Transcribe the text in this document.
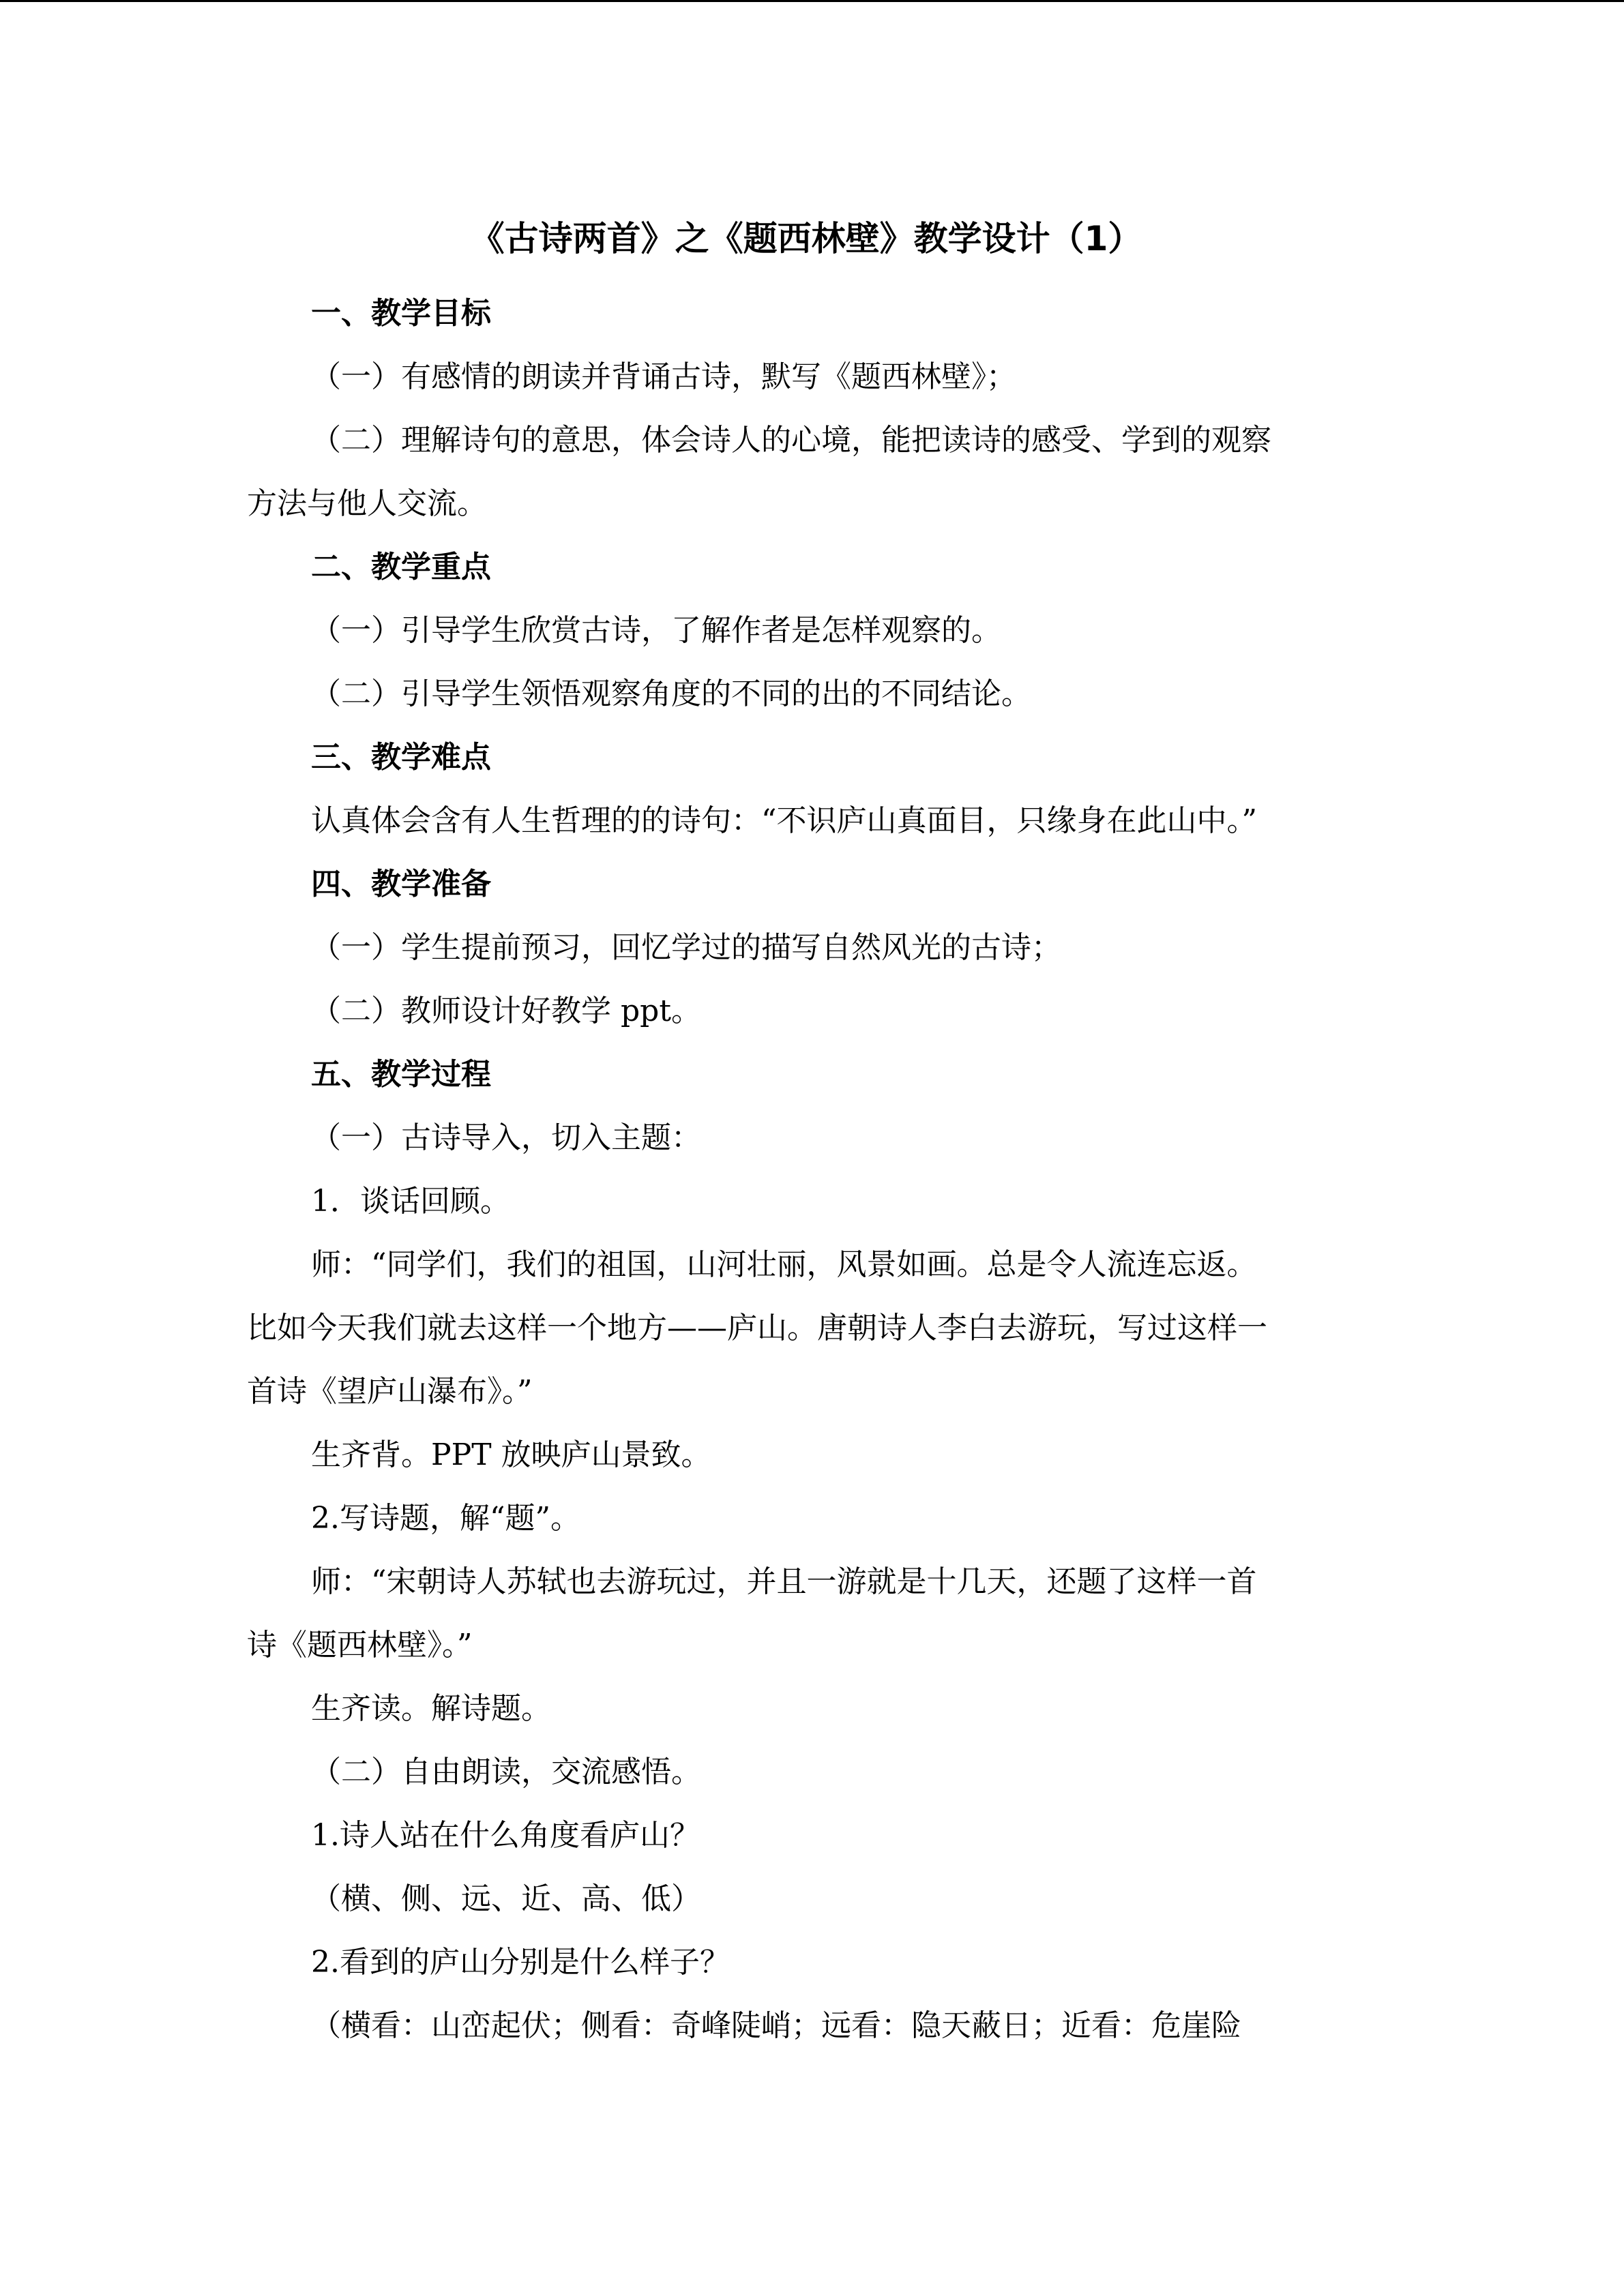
《古诗两首》之《题西林壁》教学设计（1）
一、教学目标
（一）有感情的朗读并背诵古诗，默写《题西林壁》；
（二）理解诗句的意思，体会诗人的心境，能把读诗的感受、学到的观察
方法与他人交流。
二、教学重点
（一）引导学生欣赏古诗，了解作者是怎样观察的。
（二）引导学生领悟观察角度的不同的出的不同结论。
三、教学难点
认真体会含有人生哲理的的诗句：“不识庐山真面目，只缘身在此山中。”
四、教学准备
（一）学生提前预习，回忆学过的描写自然风光的古诗；
（二）教师设计好教学 ppt。
五、教学过程
（一）古诗导入，切入主题：
1．谈话回顾。
师：“同学们，我们的祖国，山河壮丽，风景如画。总是令人流连忘返。
比如今天我们就去这样一个地方——庐山。唐朝诗人李白去游玩，写过这样一
首诗《望庐山瀑布》。”
生齐背。PPT 放映庐山景致。
2.写诗题，解“题”。
师：“宋朝诗人苏轼也去游玩过，并且一游就是十几天，还题了这样一首
诗《题西林壁》。”
生齐读。解诗题。
（二）自由朗读，交流感悟。
1.诗人站在什么角度看庐山？
（横、侧、远、近、高、低）
2.看到的庐山分别是什么样子？
（横看：山峦起伏；侧看：奇峰陡峭；远看：隐天蔽日；近看：危崖险
